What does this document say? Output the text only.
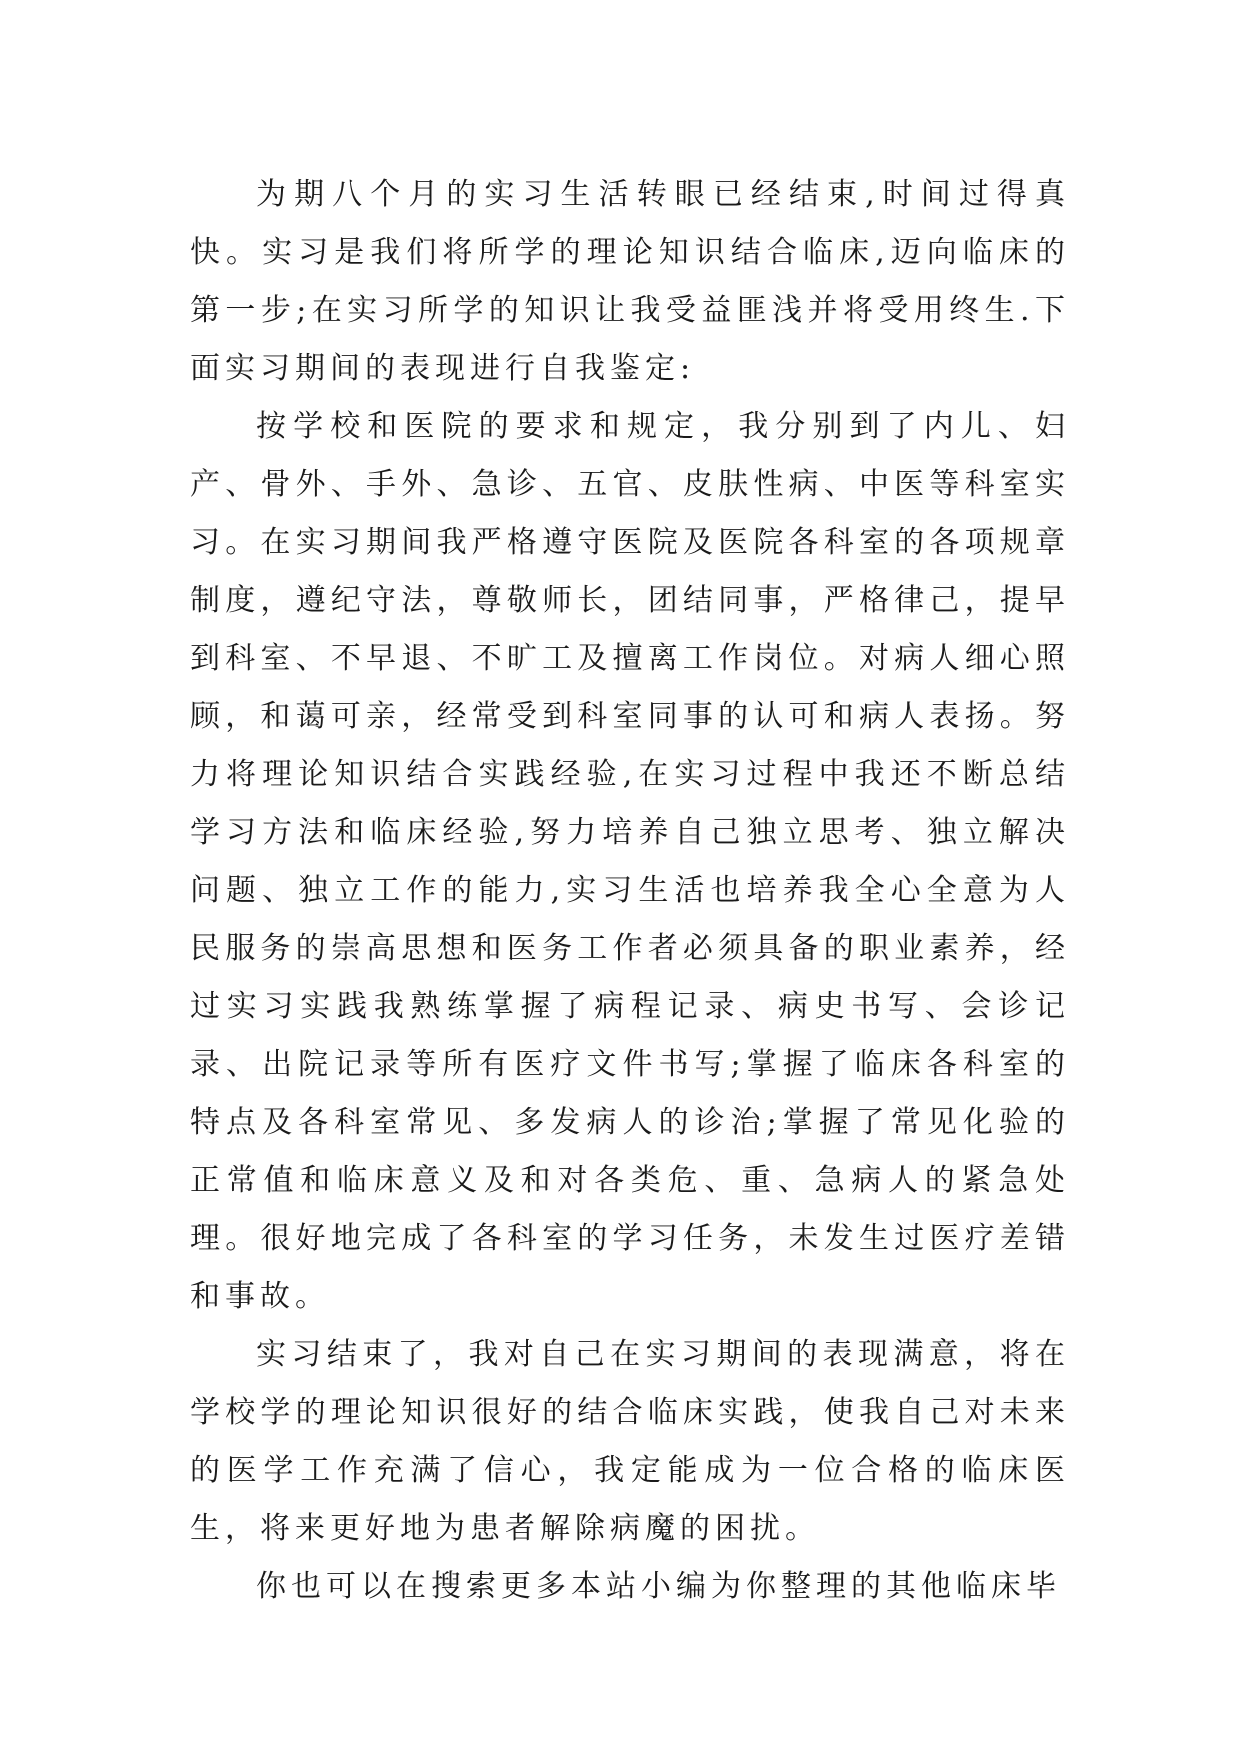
为期八个月的实习生活转眼已经结束,时间过得真快。实习是我们将所学的理论知识结合临床,迈向临床的第一步;在实习所学的知识让我受益匪浅并将受用终生.下面实习期间的表现进行自我鉴定:

按学校和医院的要求和规定，我分别到了内儿、妇产、骨外、手外、急诊、五官、皮肤性病、中医等科室实习。在实习期间我严格遵守医院及医院各科室的各项规章制度，遵纪守法，尊敬师长，团结同事，严格律己，提早到科室、不早退、不旷工及擅离工作岗位。对病人细心照顾，和蔼可亲，经常受到科室同事的认可和病人表扬。努力将理论知识结合实践经验,在实习过程中我还不断总结学习方法和临床经验,努力培养自己独立思考、独立解决问题、独立工作的能力,实习生活也培养我全心全意为人民服务的崇高思想和医务工作者必须具备的职业素养，经过实习实践我熟练掌握了病程记录、病史书写、会诊记录、出院记录等所有医疗文件书写;掌握了临床各科室的特点及各科室常见、多发病人的诊治;掌握了常见化验的正常值和临床意义及和对各类危、重、急病人的紧急处理。很好地完成了各科室的学习任务，未发生过医疗差错和事故。

实习结束了，我对自己在实习期间的表现满意，将在学校学的理论知识很好的结合临床实践，使我自己对未来的医学工作充满了信心，我定能成为一位合格的临床医生，将来更好地为患者解除病魔的困扰。

你也可以在搜索更多本站小编为你整理的其他临床毕
